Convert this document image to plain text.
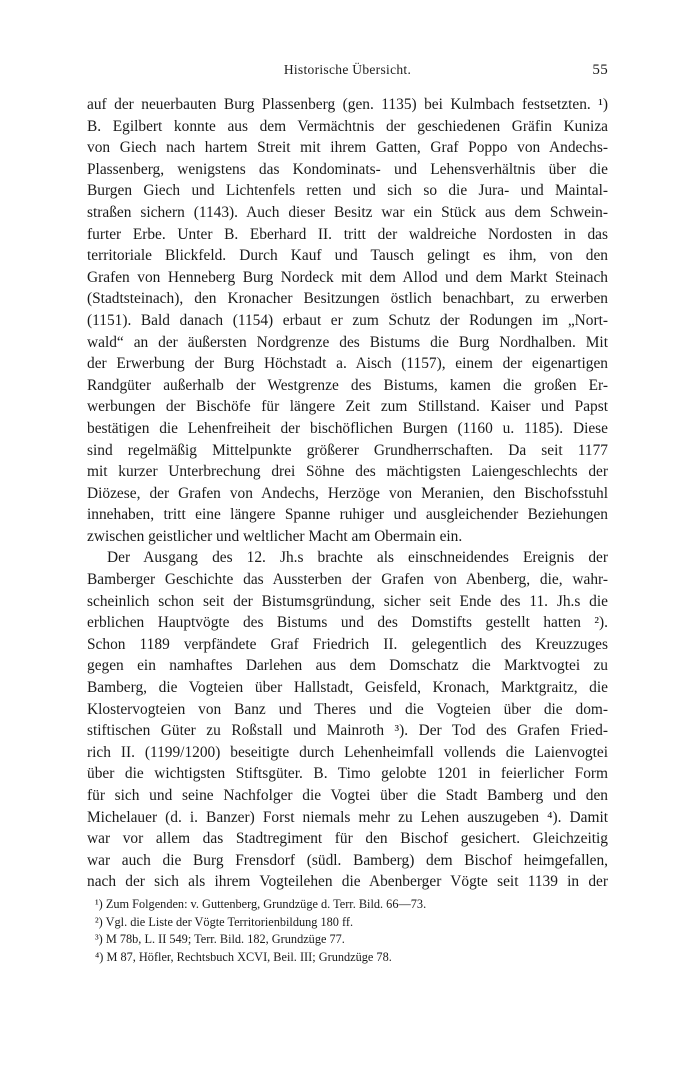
Historische Übersicht.	55
auf der neuerbauten Burg Plassenberg (gen. 1135) bei Kulmbach festsetzten. ¹)
B. Egilbert konnte aus dem Vermächtnis der geschiedenen Gräfin Kuniza
von Giech nach hartem Streit mit ihrem Gatten, Graf Poppo von Andechs-
Plassenberg, wenigstens das Kondominats- und Lehensverhältnis über die
Burgen Giech und Lichtenfels retten und sich so die Jura- und Maintal-
straßen sichern (1143). Auch dieser Besitz war ein Stück aus dem Schwein-
furter Erbe. Unter B. Eberhard II. tritt der waldreiche Nordosten in das
territoriale Blickfeld. Durch Kauf und Tausch gelingt es ihm, von den
Grafen von Henneberg Burg Nordeck mit dem Allod und dem Markt Steinach
(Stadtsteinach), den Kronacher Besitzungen östlich benachbart, zu erwerben
(1151). Bald danach (1154) erbaut er zum Schutz der Rodungen im „Nort-
wald“ an der äußersten Nordgrenze des Bistums die Burg Nordhalben. Mit
der Erwerbung der Burg Höchstadt a. Aisch (1157), einem der eigenartigen
Randgüter außerhalb der Westgrenze des Bistums, kamen die großen Er-
werbungen der Bischöfe für längere Zeit zum Stillstand. Kaiser und Papst
bestätigen die Lehenfreiheit der bischöflichen Burgen (1160 u. 1185). Diese
sind regelmäßig Mittelpunkte größerer Grundherrschaften. Da seit 1177
mit kurzer Unterbrechung drei Söhne des mächtigsten Laiengeschlechts der
Diözese, der Grafen von Andechs, Herzöge von Meranien, den Bischofsstuhl
innehaben, tritt eine längere Spanne ruhiger und ausgleichender Beziehungen
zwischen geistlicher und weltlicher Macht am Obermain ein.
Der Ausgang des 12. Jh.s brachte als einschneidendes Ereignis der
Bamberger Geschichte das Aussterben der Grafen von Abenberg, die, wahr-
scheinlich schon seit der Bistumsgründung, sicher seit Ende des 11. Jh.s die
erblichen Hauptvögte des Bistums und des Domstifts gestellt hatten ²).
Schon 1189 verpfändete Graf Friedrich II. gelegentlich des Kreuzzuges
gegen ein namhaftes Darlehen aus dem Domschatz die Marktvogtei zu
Bamberg, die Vogteien über Hallstadt, Geisfeld, Kronach, Marktgraitz, die
Klostervogteien von Banz und Theres und die Vogteien über die dom-
stiftischen Güter zu Roßstall und Mainroth ³). Der Tod des Grafen Fried-
rich II. (1199/1200) beseitigte durch Lehenheimfall vollends die Laienvogtei
über die wichtigsten Stiftsgüter. B. Timo gelobte 1201 in feierlicher Form
für sich und seine Nachfolger die Vogtei über die Stadt Bamberg und den
Michelauer (d. i. Banzer) Forst niemals mehr zu Lehen auszugeben ⁴). Damit
war vor allem das Stadtregiment für den Bischof gesichert. Gleichzeitig
war auch die Burg Frensdorf (südl. Bamberg) dem Bischof heimgefallen,
nach der sich als ihrem Vogteilehen die Abenberger Vögte seit 1139 in der
¹) Zum Folgenden: v. Guttenberg, Grundzüge d. Terr. Bild. 66—73.
²) Vgl. die Liste der Vögte Territorienbildung 180 ff.
³) M 78b, L. II 549; Terr. Bild. 182, Grundzüge 77.
⁴) M 87, Höfler, Rechtsbuch XCVI, Beil. III; Grundzüge 78.
